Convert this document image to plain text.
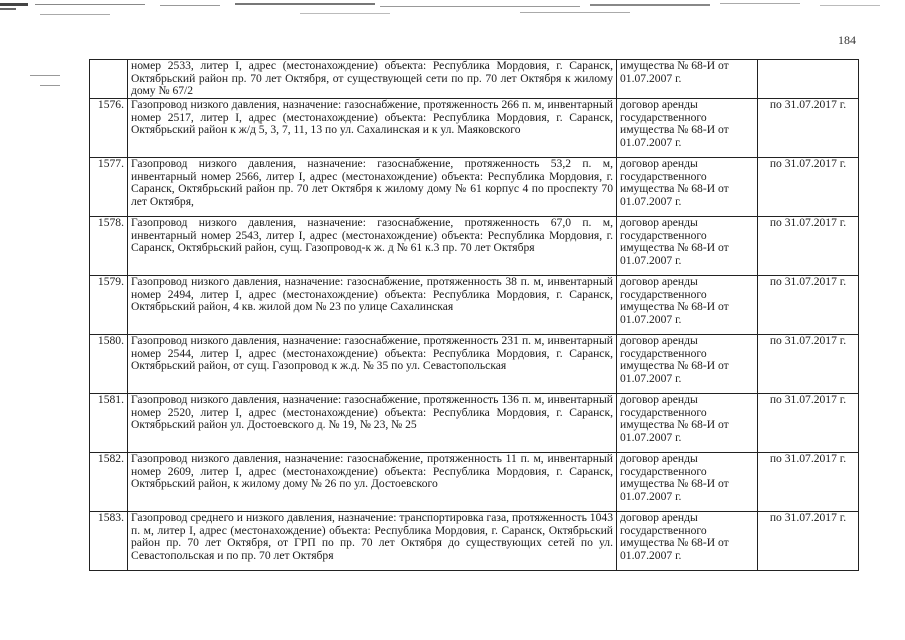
184
	номер 2533, литер I, адрес (местонахождение) объекта: Республика Мордовия, г. Саранск, Октябрьский район пр. 70 лет Октября, от существующей сети по пр. 70 лет Октября к жилому дому № 67/2	имущества № 68-И от 01.07.2007 г.	
1576.	Газопровод низкого давления, назначение: газоснабжение, протяженность 266 п. м, инвентарный номер 2517, литер I, адрес (местонахождение) объекта: Республика Мордовия, г. Саранск, Октябрьский район к ж/д 5, 3, 7, 11, 13 по ул. Сахалинская и к ул. Маяковского	договор аренды государственного имущества № 68-И от 01.07.2007 г.	по 31.07.2017 г.
1577.	Газопровод низкого давления, назначение: газоснабжение, протяженность 53,2 п. м, инвентарный номер 2566, литер I, адрес (местонахождение) объекта: Республика Мордовия, г. Саранск, Октябрьский район пр. 70 лет Октября к жилому дому № 61 корпус 4 по проспекту 70 лет Октября,	договор аренды государственного имущества № 68-И от 01.07.2007 г.	по 31.07.2017 г.
1578.	Газопровод низкого давления, назначение: газоснабжение, протяженность 67,0 п. м, инвентарный номер 2543, литер I, адрес (местонахождение) объекта: Республика Мордовия, г. Саранск, Октябрьский район, сущ. Газопровод-к ж. д № 61 к.3 пр. 70 лет Октября	договор аренды государственного имущества № 68-И от 01.07.2007 г.	по 31.07.2017 г.
1579.	Газопровод низкого давления, назначение: газоснабжение, протяженность 38 п. м, инвентарный номер 2494, литер I, адрес (местонахождение) объекта: Республика Мордовия, г. Саранск, Октябрьский район, 4 кв. жилой дом № 23 по улице Сахалинская	договор аренды государственного имущества № 68-И от 01.07.2007 г.	по 31.07.2017 г.
1580.	Газопровод низкого давления, назначение: газоснабжение, протяженность 231 п. м, инвентарный номер 2544, литер I, адрес (местонахождение) объекта: Республика Мордовия, г. Саранск, Октябрьский район, от сущ. Газопровод к ж.д. № 35 по ул. Севастопольская	договор аренды государственного имущества № 68-И от 01.07.2007 г.	по 31.07.2017 г.
1581.	Газопровод низкого давления, назначение: газоснабжение, протяженность 136 п. м, инвентарный номер 2520, литер I, адрес (местонахождение) объекта: Республика Мордовия, г. Саранск, Октябрьский район ул. Достоевского д. № 19, № 23, № 25	договор аренды государственного имущества № 68-И от 01.07.2007 г.	по 31.07.2017 г.
1582.	Газопровод низкого давления, назначение: газоснабжение, протяженность 11 п. м, инвентарный номер 2609, литер I, адрес (местонахождение) объекта: Республика Мордовия, г. Саранск, Октябрьский район, к жилому дому № 26 по ул. Достоевского	договор аренды государственного имущества № 68-И от 01.07.2007 г.	по 31.07.2017 г.
1583.	Газопровод среднего и низкого давления, назначение: транспортировка газа, протяженность 1043 п. м, литер I, адрес (местонахождение) объекта: Республика Мордовия, г. Саранск, Октябрьский район пр. 70 лет Октября, от ГРП по пр. 70 лет Октября до существующих сетей по ул. Севастопольская и по пр. 70 лет Октября	договор аренды государственного имущества № 68-И от 01.07.2007 г.	по 31.07.2017 г.
